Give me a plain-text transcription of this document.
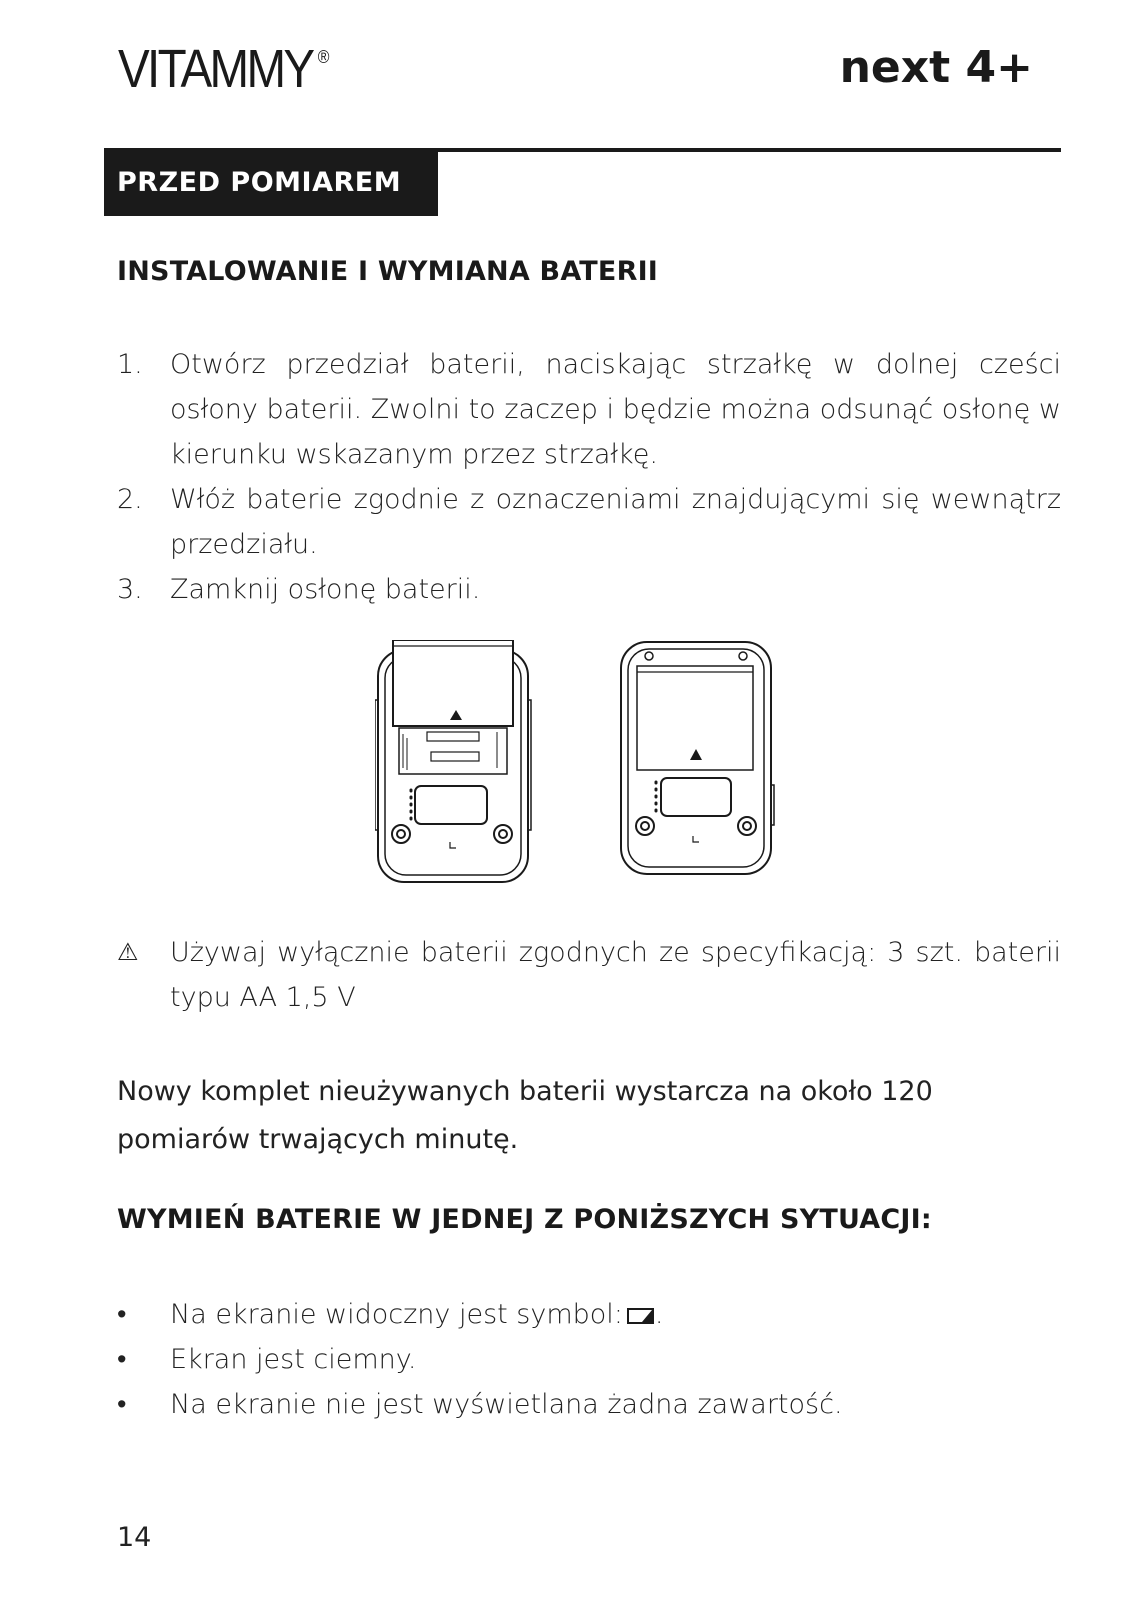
VITAMMY ®	next 4+
PRZED POMIAREM
INSTALOWANIE I WYMIANA BATERII
1.	Otwórz przedział baterii, naciskając strzałkę w dolnej cześci osłony baterii. Zwolni to zaczep i będzie można odsunąć osłonę w kierunku wskazanym przez strzałkę.
2.	Włóż baterie zgodnie z oznaczeniami znajdującymi się wewnątrz przedziału.
3.	Zamknij osłonę baterii.
⚠	Używaj wyłącznie baterii zgodnych ze specyfikacją: 3 szt. baterii typu AA 1,5 V
Nowy komplet nieużywanych baterii wystarcza na około 120 pomiarów trwających minutę.
WYMIEŃ BATERIE W JEDNEJ Z PONIŻSZYCH SYTUACJI:
•	Na ekranie widoczny jest symbol: .
•	Ekran jest ciemny.
•	Na ekranie nie jest wyświetlana żadna zawartość.
14
